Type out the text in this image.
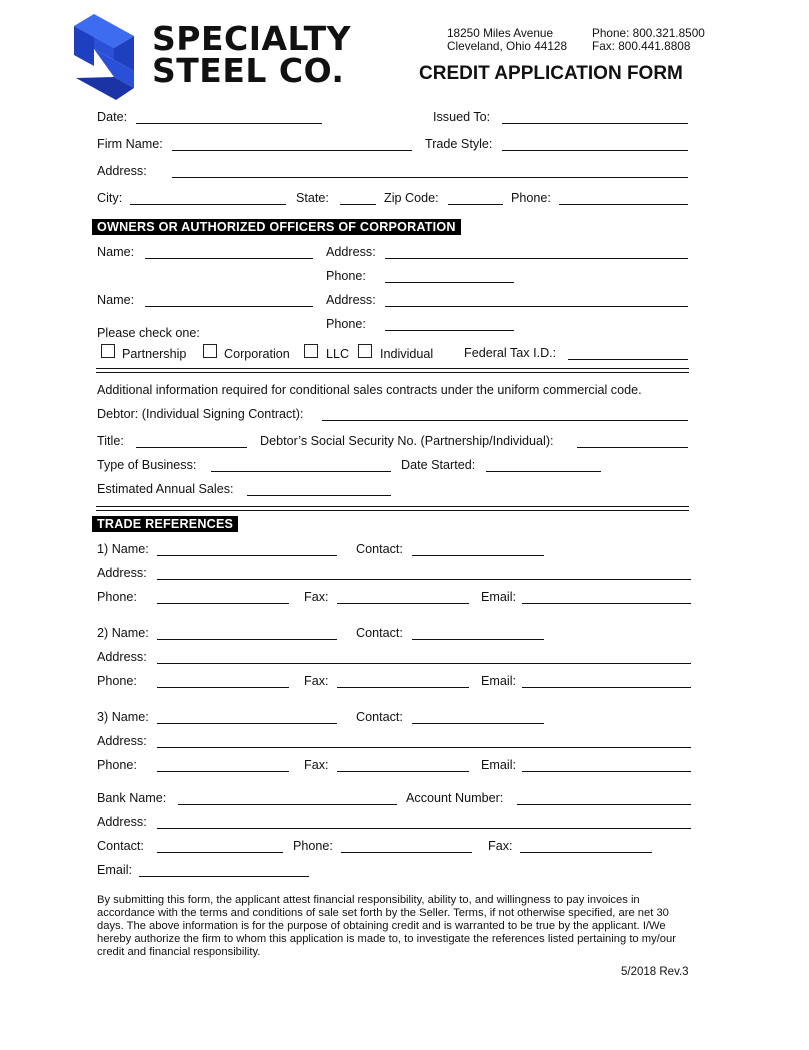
SPECIALTY
STEEL CO.
18250 Miles Avenue
Cleveland, Ohio 44128
Phone: 800.321.8500
Fax: 800.441.8808
CREDIT APPLICATION FORM
Date:	Issued To:
Firm Name:	Trade Style:
Address:
City:	State:	Zip Code:	Phone:
OWNERS OR AUTHORIZED OFFICERS OF CORPORATION
Name:	Address:
Phone:
Name:	Address:
Phone:
Please check one:
Partnership	Corporation	LLC Individual Federal Tax I.D.:
Additional information required for conditional sales contracts under the uniform commercial code.
Debtor: (Individual Signing Contract):
Title:	Debtor’s Social Security No. (Partnership/Individual):
Type of Business:	Date Started:
Estimated Annual Sales:
TRADE REFERENCES
1) Name:	Contact:
Address:
Phone:	Fax:	Email:
2) Name:	Contact:
Address:
Phone:	Fax:	Email:
3) Name:	Contact:
Address:
Phone:	Fax:	Email:
Bank Name:	Account Number:
Address:
Contact:	Phone:	Fax:
Email:
By submitting this form, the applicant attest financial responsibility, ability to, and willingness to pay invoices in accordance with the terms and conditions of sale set forth by the Seller. Terms, if not otherwise specified, are net 30 days. The above information is for the purpose of obtaining credit and is warranted to be true by the applicant. I/We hereby authorize the firm to whom this application is made to, to investigate the references listed pertaining to my/our credit and financial responsibility.
5/2018 Rev.3
